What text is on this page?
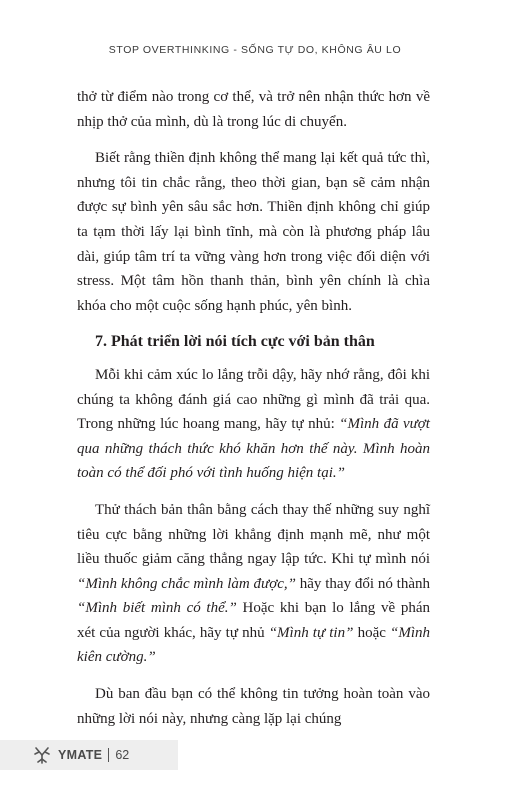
STOP OVERTHINKING - SỐNG TỰ DO, KHÔNG ÂU LO

thở từ điểm nào trong cơ thể, và trở nên nhận thức hơn về nhịp thở của mình, dù là trong lúc di chuyển.

Biết rằng thiền định không thể mang lại kết quả tức thì, nhưng tôi tin chắc rằng, theo thời gian, bạn sẽ cảm nhận được sự bình yên sâu sắc hơn. Thiền định không chỉ giúp ta tạm thời lấy lại bình tĩnh, mà còn là phương pháp lâu dài, giúp tâm trí ta vững vàng hơn trong việc đối diện với stress. Một tâm hồn thanh thản, bình yên chính là chìa khóa cho một cuộc sống hạnh phúc, yên bình.

7. Phát triển lời nói tích cực với bản thân

Mỗi khi cảm xúc lo lắng trỗi dậy, hãy nhớ rằng, đôi khi chúng ta không đánh giá cao những gì mình đã trải qua. Trong những lúc hoang mang, hãy tự nhủ: “Mình đã vượt qua những thách thức khó khăn hơn thế này. Mình hoàn toàn có thể đối phó với tình huống hiện tại.”

Thử thách bản thân bằng cách thay thế những suy nghĩ tiêu cực bằng những lời khẳng định mạnh mẽ, như một liều thuốc giảm căng thẳng ngay lập tức. Khi tự mình nói “Mình không chắc mình làm được,” hãy thay đổi nó thành “Mình biết mình có thể.” Hoặc khi bạn lo lắng về phán xét của người khác, hãy tự nhủ “Mình tự tin” hoặc “Mình kiên cường.”

Dù ban đầu bạn có thể không tin tưởng hoàn toàn vào những lời nói này, nhưng càng lặp lại chúng

YMATE 62
